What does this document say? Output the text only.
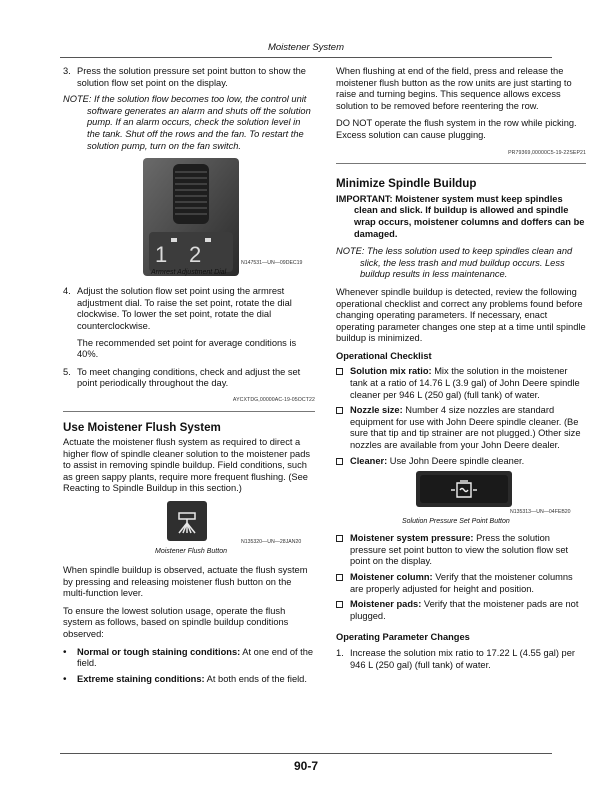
Moistener System
3. Press the solution pressure set point button to show the solution flow set point on the display.

NOTE: If the solution flow becomes too low, the control unit software generates an alarm and shuts off the solution pump. If an alarm occurs, check the solution level in the tank. Shut off the rows and the fan. To restart the solution pump, turn on the fan switch.

1 2	N147531—UN—09DEC19
Armrest Adjustment Dial
4. Adjust the solution flow set point using the armrest adjustment dial. To raise the set point, rotate the dial clockwise. To lower the set point, rotate the dial counterclockwise.

The recommended set point for average conditions is 40%.

5. To meet changing conditions, check and adjust the set point periodically throughout the day.
AYCXTDG,00000AC-19-05OCT22
Use Moistener Flush System

Actuate the moistener flush system as required to direct a higher flow of spindle cleaner solution to the moistener pads to assist in removing spindle buildup. Field conditions, such as green sappy plants, require more frequent flushing. (See Reacting to Spindle Buildup in this section.)

N135320—UN—28JAN20
Moistener Flush Button

When spindle buildup is observed, actuate the flush system by pressing and releasing moistener flush button on the multi-function lever.

To ensure the lowest solution usage, operate the flush system as follows, based on spindle buildup conditions observed:

• Normal or tough staining conditions: At one end of the field.
• Extreme staining conditions: At both ends of the field.

When flushing at end of the field, press and release the moistener flush button as the row units are just starting to raise and turning begins. This sequence allows excess solution to be removed before reentering the row.

DO NOT operate the flush system in the row while picking. Excess solution can cause plugging.

PR79369,00000C5-19-22SEP21
Minimize Spindle Buildup

IMPORTANT: Moistener system must keep spindles clean and slick. If buildup is allowed and spindle wrap occurs, moistener columns and doffers can be damaged.

NOTE: The less solution used to keep spindles clean and slick, the less trash and mud buildup occurs. Less buildup results in less maintenance.

Whenever spindle buildup is detected, review the following operational checklist and correct any problems found before changing operating parameters. If necessary, enact operating parameter changes one step at a time until spindle buildup is minimized.

Operational Checklist
Solution mix ratio: Mix the solution in the moistener tank at a ratio of 14.76 L (3.9 gal) of John Deere spindle cleaner per 946 L (250 gal) (full tank) of water.
Nozzle size: Number 4 size nozzles are standard equipment for use with John Deere spindle cleaner. (Be sure that tip and tip strainer are not plugged.) Other size nozzles are available from your John Deere dealer.
Cleaner: Use John Deere spindle cleaner.
N135313—UN—04FEB20
Solution Pressure Set Point Button
Moistener system pressure: Press the solution pressure set point button to view the solution flow set point on the display.
Moistener column: Verify that the moistener columns are properly adjusted for height and position.
Moistener pads: Verify that the moistener pads are not plugged.
Operating Parameter Changes
1. Increase the solution mix ratio to 17.22 L (4.55 gal) per 946 L (250 gal) (full tank) of water.
90-7
